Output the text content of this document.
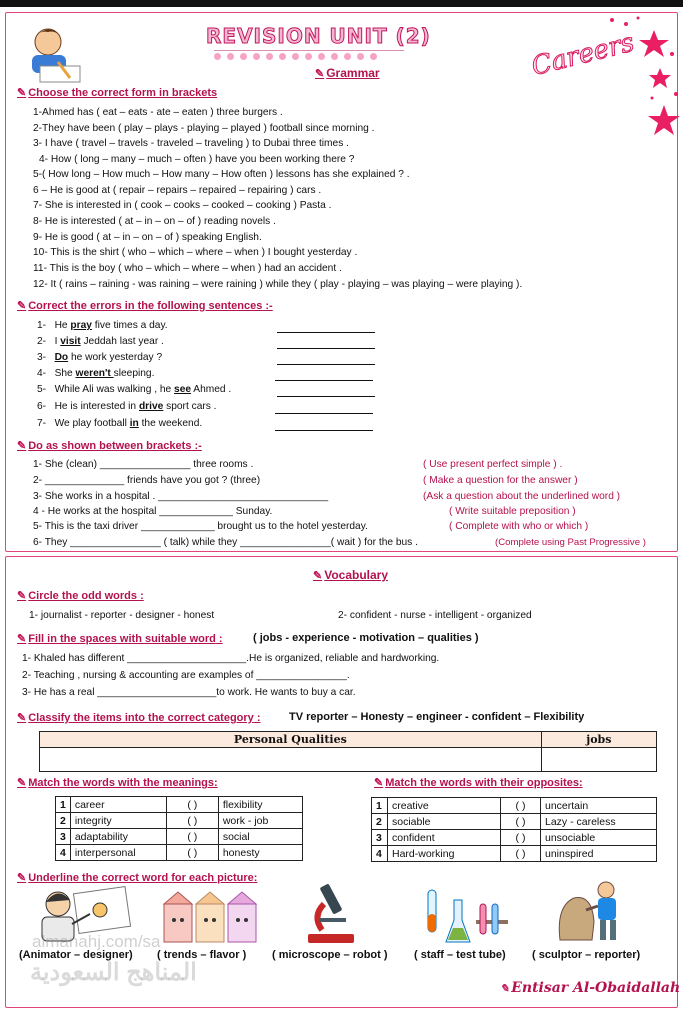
REVISION UNIT (2)	Careers
✎ Grammar
✎ Choose the correct form in brackets
1-Ahmed has ( eat – eats - ate – eaten ) three burgers .
2-They have been ( play – plays - playing – played ) football since morning .
3- I have ( travel – travels - traveled – traveling ) to Dubai three times .
4- How ( long – many – much – often ) have you been working there ?
5-( How long – How much – How many – How often ) lessons has she explained ? .
6 – He is good at ( repair – repairs – repaired – repairing ) cars .
7- She is interested in ( cook – cooks – cooked – cooking ) Pasta .
8- He is interested ( at – in – on – of ) reading novels .
9- He is good ( at – in – on – of ) speaking English.
10- This is the shirt ( who – which – where – when ) I bought yesterday .
11- This is the boy ( who – which – where – when ) had an accident .
12- It ( rains – raining - was raining – were raining ) while they ( play - playing – was playing – were playing ).
✎ Correct the errors in the following sentences :-
1- He pray five times a day.
2- I visit Jeddah last year .
3- Do he work yesterday ?
4- She weren't sleeping.
5- While Ali was walking , he see Ahmed .
6- He is interested in drive sport cars .
7- We play football in the weekend.
✎ Do as shown between brackets :-
1- She (clean) ________________ three rooms .	( Use present perfect simple ) .
2- ______________ friends have you got ? (three)	( Make a question for the answer )
3- She works in a hospital . ______________________________	(Ask a question about the underlined word )
4 - He works at the hospital _____________ Sunday.	( Write suitable preposition )
5- This is the taxi driver _____________ brought us to the hotel yesterday.	( Complete with who or which )
6- They ________________ ( talk) while they ________________( wait ) for the bus .	(Complete using Past Progressive )
✎ Vocabulary
✎ Circle the odd words :
1- journalist - reporter - designer - honest	2- confident - nurse - intelligent - organized
✎ Fill in the spaces with suitable word :	( jobs - experience - motivation – qualities )
1- Khaled has different _____________________.He is organized, reliable and hardworking.
2- Teaching , nursing & accounting are examples of ________________.
3- He has a real _____________________to work. He wants to buy a car.
✎ Classify the items into the correct category :	TV reporter – Honesty – engineer - confident – Flexibility
Personal Qualities	jobs

✎ Match the words with the meanings:
1	career	( )	flexibility
2	integrity	( )	work - job
3	adaptability	( )	social
4	interpersonal	( )	honesty
✎ Match the words with their opposites:
1	creative	( )	uncertain
2	sociable	( )	Lazy - careless
3	confident	( )	unsociable
4	Hard-working	( )	uninspired
✎ Underline the correct word for each picture:
(Animator – designer) ( trends – flavor ) ( microscope – robot ) ( staff – test tube) ( sculptor – reporter)
almanahj.com/sa
المناهج السعودية
✎ Entisar Al-Obaidallah
